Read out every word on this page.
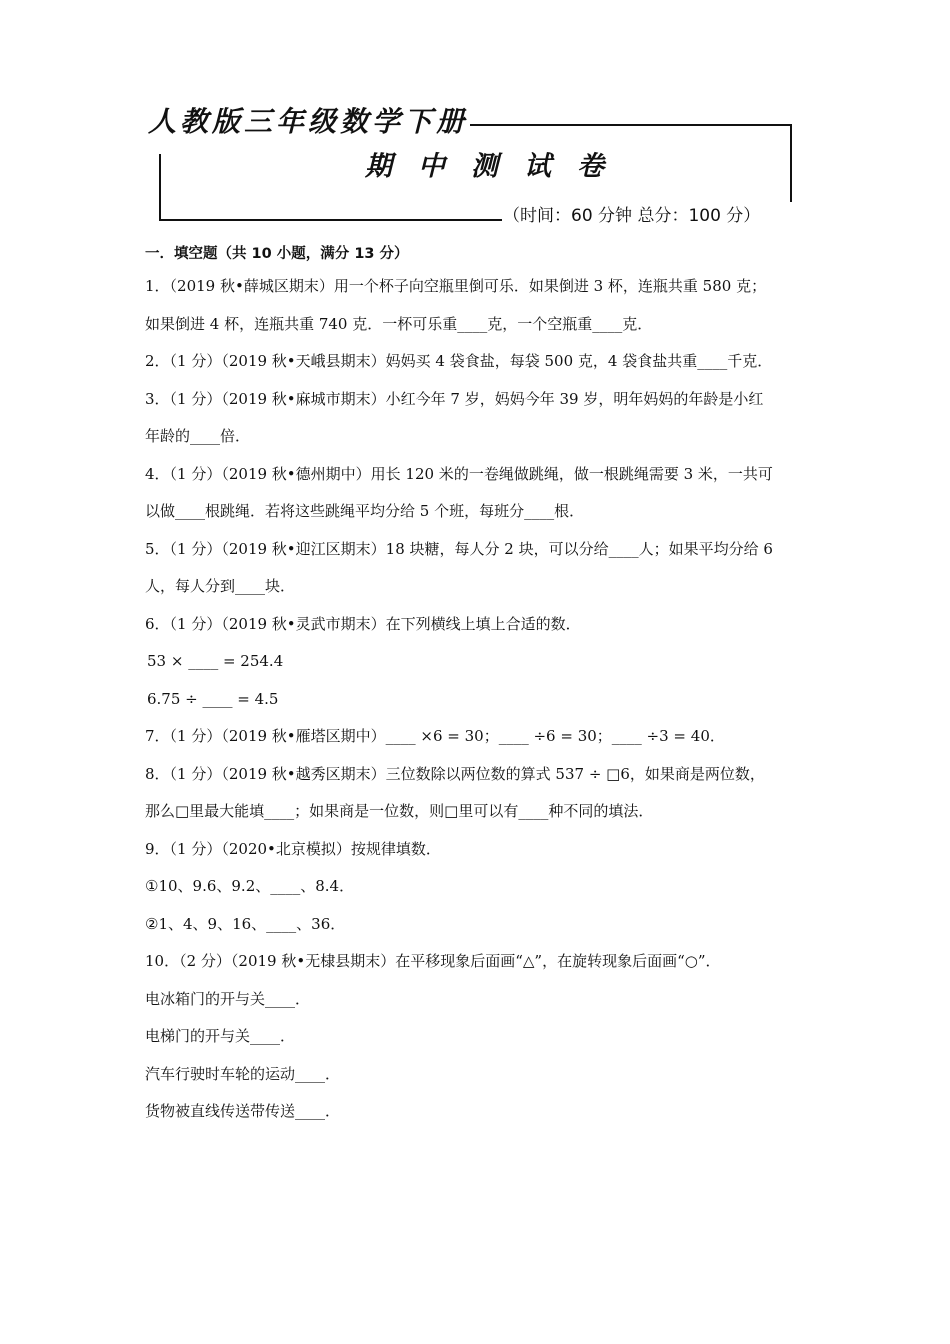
人教版三年级数学下册
期中测试卷
（时间：60 分钟 总分：100 分）
一．填空题（共 10 小题，满分 13 分）
1．（2019 秋•薛城区期末）用一个杯子向空瓶里倒可乐．如果倒进 3 杯，连瓶共重 580 克；
如果倒进 4 杯，连瓶共重 740 克．一杯可乐重____克，一个空瓶重____克．
2．（1 分）（2019 秋•天峨县期末）妈妈买 4 袋食盐，每袋 500 克，4 袋食盐共重____千克．
3．（1 分）（2019 秋•麻城市期末）小红今年 7 岁，妈妈今年 39 岁，明年妈妈的年龄是小红
年龄的____倍．
4．（1 分）（2019 秋•德州期中）用长 120 米的一卷绳做跳绳，做一根跳绳需要 3 米，一共可
以做____根跳绳．若将这些跳绳平均分给 5 个班，每班分____根．
5．（1 分）（2019 秋•迎江区期末）18 块糖，每人分 2 块，可以分给____人；如果平均分给 6
人，每人分到____块．
6．（1 分）（2019 秋•灵武市期末）在下列横线上填上合适的数．
53 × ____ = 254.4
6.75 ÷ ____ = 4.5
7．（1 分）（2019 秋•雁塔区期中）____ ×6 = 30；____ ÷6 = 30；____ ÷3 = 40．
8．（1 分）（2019 秋•越秀区期末）三位数除以两位数的算式 537 ÷ □6，如果商是两位数，
那么□里最大能填____；如果商是一位数，则□里可以有____种不同的填法．
9．（1 分）（2020•北京模拟）按规律填数．
①10、9.6、9.2、____、8.4．
②1、4、9、16、____、36．
10．（2 分）（2019 秋•无棣县期末）在平移现象后面画“△”，在旋转现象后面画“○”．
电冰箱门的开与关____．
电梯门的开与关____．
汽车行驶时车轮的运动____．
货物被直线传送带传送____．
